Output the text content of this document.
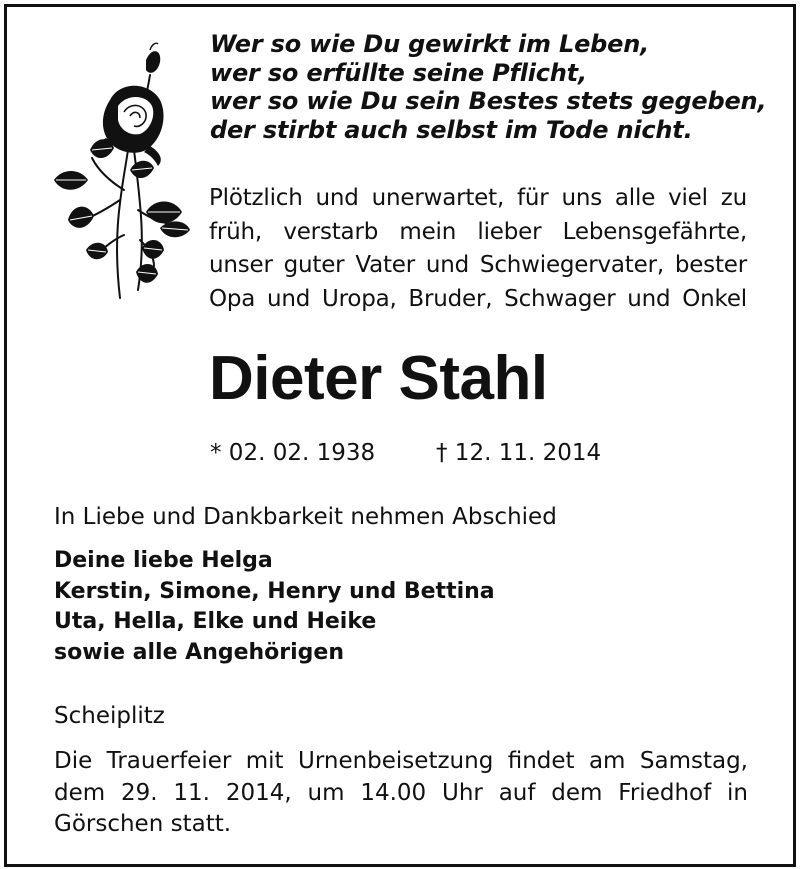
Wer so wie Du gewirkt im Leben,
wer so erfüllte seine Pflicht,
wer so wie Du sein Bestes stets gegeben,
der stirbt auch selbst im Tode nicht.
Plötzlich und unerwartet, für uns alle viel zu
früh, verstarb mein lieber Lebensgefährte,
unser guter Vater und Schwiegervater, bester
Opa und Uropa, Bruder, Schwager und Onkel
Dieter Stahl
* 02. 02. 1938	† 12. 11. 2014
In Liebe und Dankbarkeit nehmen Abschied
Deine liebe Helga
Kerstin, Simone, Henry und Bettina
Uta, Hella, Elke und Heike
sowie alle Angehörigen
Scheiplitz
Die Trauerfeier mit Urnenbeisetzung findet am Samstag,
dem 29. 11. 2014, um 14.00 Uhr auf dem Friedhof in
Görschen statt.
